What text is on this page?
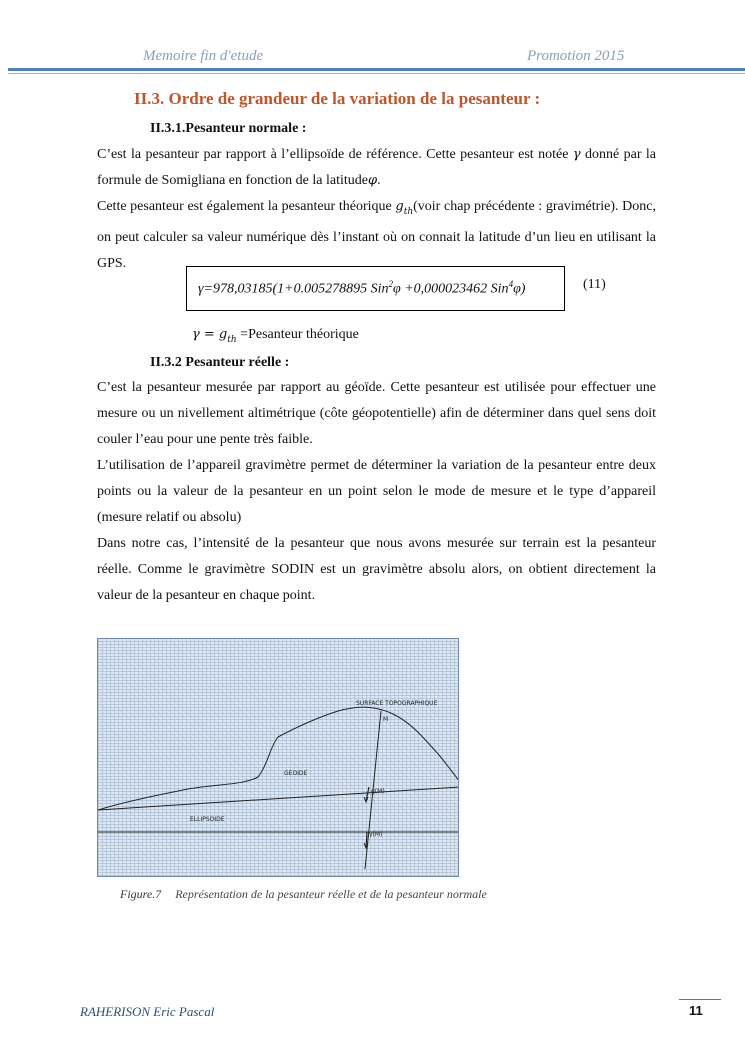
Memoire fin d'etude	Promotion 2015
II.3. Ordre de grandeur de la variation de la pesanteur :
II.3.1.Pesanteur normale :
C’est la pesanteur par rapport à l’ellipsoïde de référence. Cette pesanteur est notée γ donné par la formule de Somigliana en fonction de la latitudeφ.
Cette pesanteur est également la pesanteur théorique $g_{th}(voir$ chap précédente : gravimétrie). Donc, on peut calculer sa valeur numérique dès l’instant où on connait la latitude d’un lieu en utilisant la GPS.
γ=978,03185(1+0.005278895 Sin$^2$φ +0,000023462 Sin$^4$φ)	(11)
$\gamma = g_{th}$ =Pesanteur théorique
II.3.2 Pesanteur réelle :
C’est la pesanteur mesurée par rapport au géoïde. Cette pesanteur est utilisée pour effectuer une mesure ou un nivellement altimétrique (côte géopotentielle) afin de déterminer dans quel sens doit couler l’eau pour une pente très faible.
L’utilisation de l’appareil gravimètre permet de déterminer la variation de la pesanteur entre deux points ou la valeur de la pesanteur en un point selon le mode de mesure et le type d’appareil (mesure relatif ou absolu)
Dans notre cas, l’intensité de la pesanteur que nous avons mesurée sur terrain est la pesanteur réelle. Comme le gravimètre SODIN est un gravimètre absolu alors, on obtient directement la valeur de la pesanteur en chaque point.
SURFACE TOPOGRAPHIQUE
GEOIDE
ELLIPSOIDE
M
g(M)
γ(M)
Figure.7 Représentation de la pesanteur réelle et de la pesanteur normale
RAHERISON Eric Pascal	11
